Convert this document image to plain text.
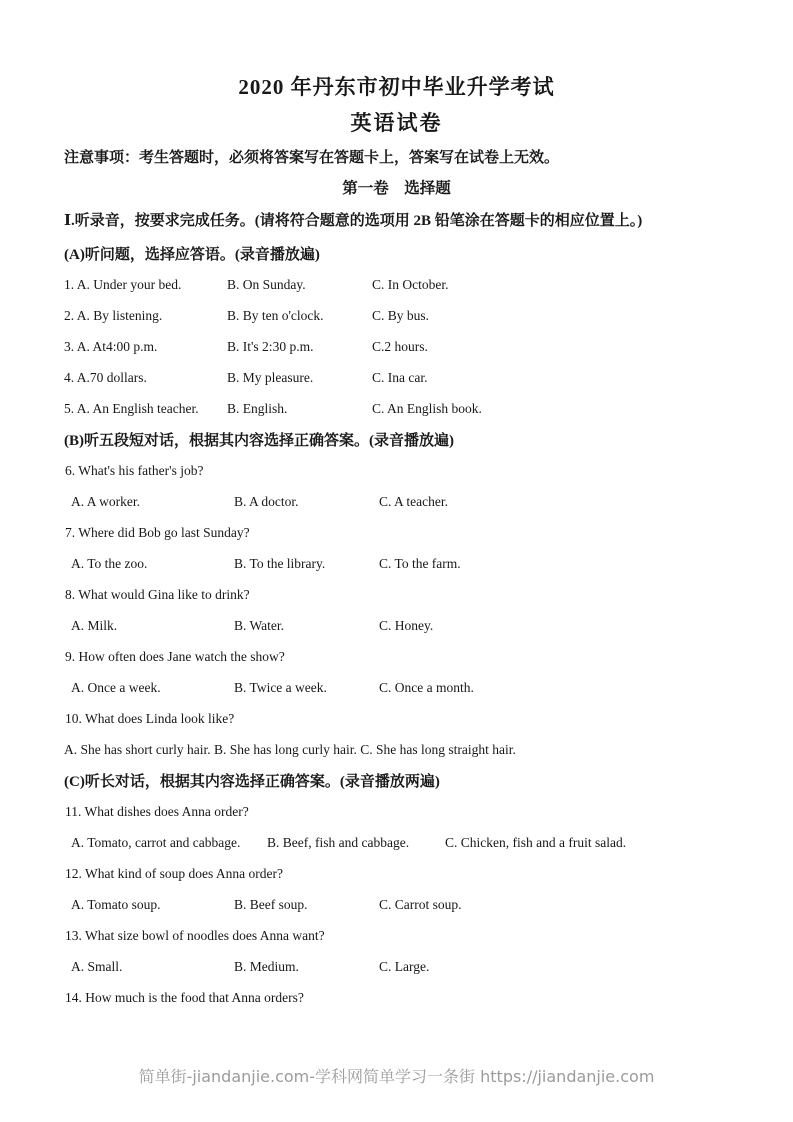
2020 年丹东市初中毕业升学考试
英语试卷
注意事项：考生答题时，必须将答案写在答题卡上，答案写在试卷上无效。
第一卷　选择题
Ⅰ.听录音，按要求完成任务。(请将符合题意的选项用 2B 铅笔涂在答题卡的相应位置上。)
(A)听问题，选择应答语。(录音播放遍)
1. A. Under your bed.	B. On Sunday.	C. In October.
2. A. By listening.	B. By ten o'clock.	C. By bus.
3. A. At4:00 p.m.	B. It's 2:30 p.m.	C.2 hours.
4. A.70 dollars.	B. My pleasure.	C. Ina car.
5. A. An English teacher.	B. English.	C. An English book.
(B)听五段短对话，根据其内容选择正确答案。(录音播放遍)
6. What's his father's job?
A. A worker.	B. A doctor.	C. A teacher.
7. Where did Bob go last Sunday?
A. To the zoo.	B. To the library.	C. To the farm.
8. What would Gina like to drink?
A. Milk.	B. Water.	C. Honey.
9. How often does Jane watch the show?
A. Once a week.	B. Twice a week.	C. Once a month.
10. What does Linda look like?
A. She has short curly hair. B. She has long curly hair. C. She has long straight hair.
(C)听长对话，根据其内容选择正确答案。(录音播放两遍)
11. What dishes does Anna order?
A. Tomato, carrot and cabbage.	B. Beef, fish and cabbage.	C. Chicken, fish and a fruit salad.
12. What kind of soup does Anna order?
A. Tomato soup.	B. Beef soup.	C. Carrot soup.
13. What size bowl of noodles does Anna want?
A. Small.	B. Medium.	C. Large.
14. How much is the food that Anna orders?
简单街-jiandanjie.com-学科网简单学习一条街 https://jiandanjie.com
